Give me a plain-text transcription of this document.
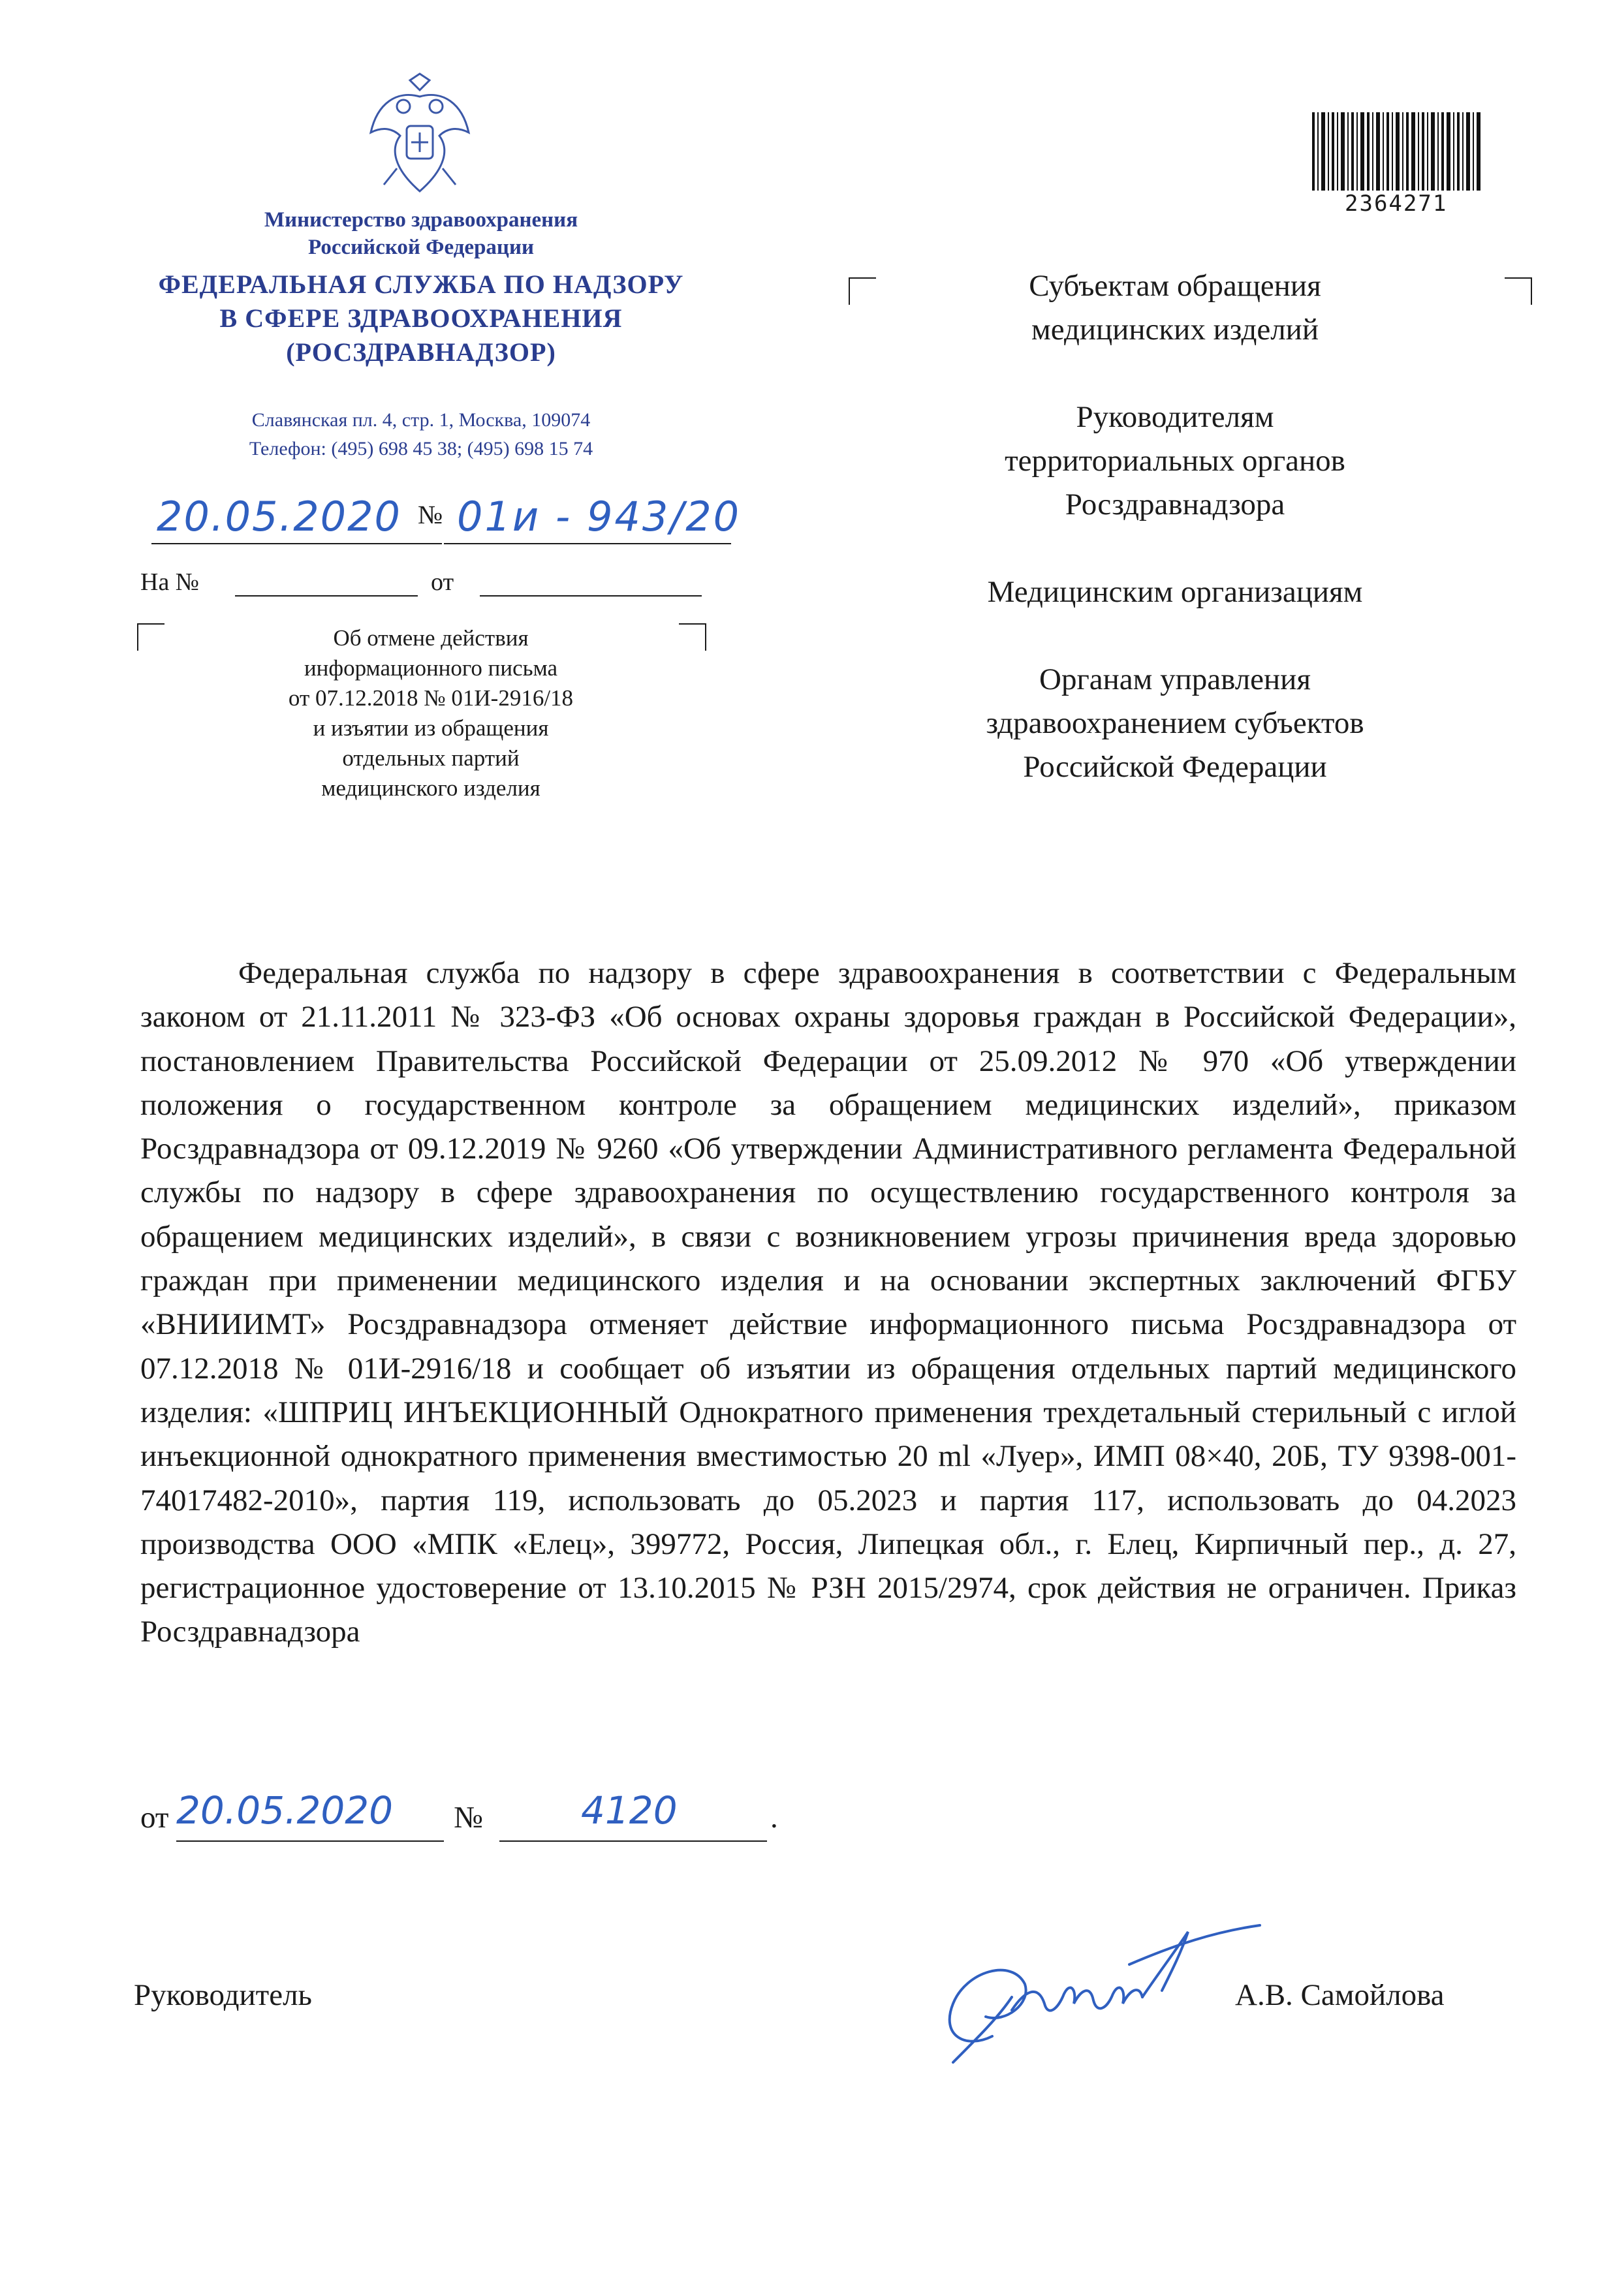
Министерство здравоохранения
Российской Федерации
ФЕДЕРАЛЬНАЯ СЛУЖБА ПО НАДЗОРУ
В СФЕРЕ ЗДРАВООХРАНЕНИЯ
(РОСЗДРАВНАДЗОР)
Славянская пл. 4, стр. 1, Москва, 109074
Телефон: (495) 698 45 38; (495) 698 15 74
20.05.2020 № 01и - 943/20
На №	от
Об отмене действия
информационного письма
от 07.12.2018 № 01И-2916/18
и изъятии из обращения
отдельных партий
медицинского изделия
2364271

Субъектам обращения
медицинских изделий

Руководителям
территориальных органов
Росздравнадзора

Медицинским организациям

Органам управления
здравоохранением субъектов
Российской Федерации

Федеральная служба по надзору в сфере здравоохранения в соответствии с Федеральным законом от 21.11.2011 № 323-ФЗ «Об основах охраны здоровья граждан в Российской Федерации», постановлением Правительства Российской Федерации от 25.09.2012 № 970 «Об утверждении положения о государственном контроле за обращением медицинских изделий», приказом Росздравнадзора от 09.12.2019 № 9260 «Об утверждении Административного регламента Федеральной службы по надзору в сфере здравоохранения по осуществлению государственного контроля за обращением медицинских изделий», в связи с возникновением угрозы причинения вреда здоровью граждан при применении медицинского изделия и на основании экспертных заключений ФГБУ «ВНИИИМТ» Росздравнадзора отменяет действие информационного письма Росздравнадзора от 07.12.2018 № 01И-2916/18 и сообщает об изъятии из обращения отдельных партий медицинского изделия: «ШПРИЦ ИНЪЕКЦИОННЫЙ Однократного применения трехдетальный стерильный с иглой инъекционной однократного применения вместимостью 20 ml «Луер», ИМП 08×40, 20Б, ТУ 9398-001-74017482-2010», партия 119, использовать до 05.2023 и партия 117, использовать до 04.2023 производства ООО «МПК «Елец», 399772, Россия, Липецкая обл., г. Елец, Кирпичный пер., д. 27, регистрационное удостоверение от 13.10.2015 № РЗН 2015/2974, срок действия не ограничен. Приказ Росздравнадзора
от 20.05.2020 №	4120	.
Руководитель	А.В. Самойлова
